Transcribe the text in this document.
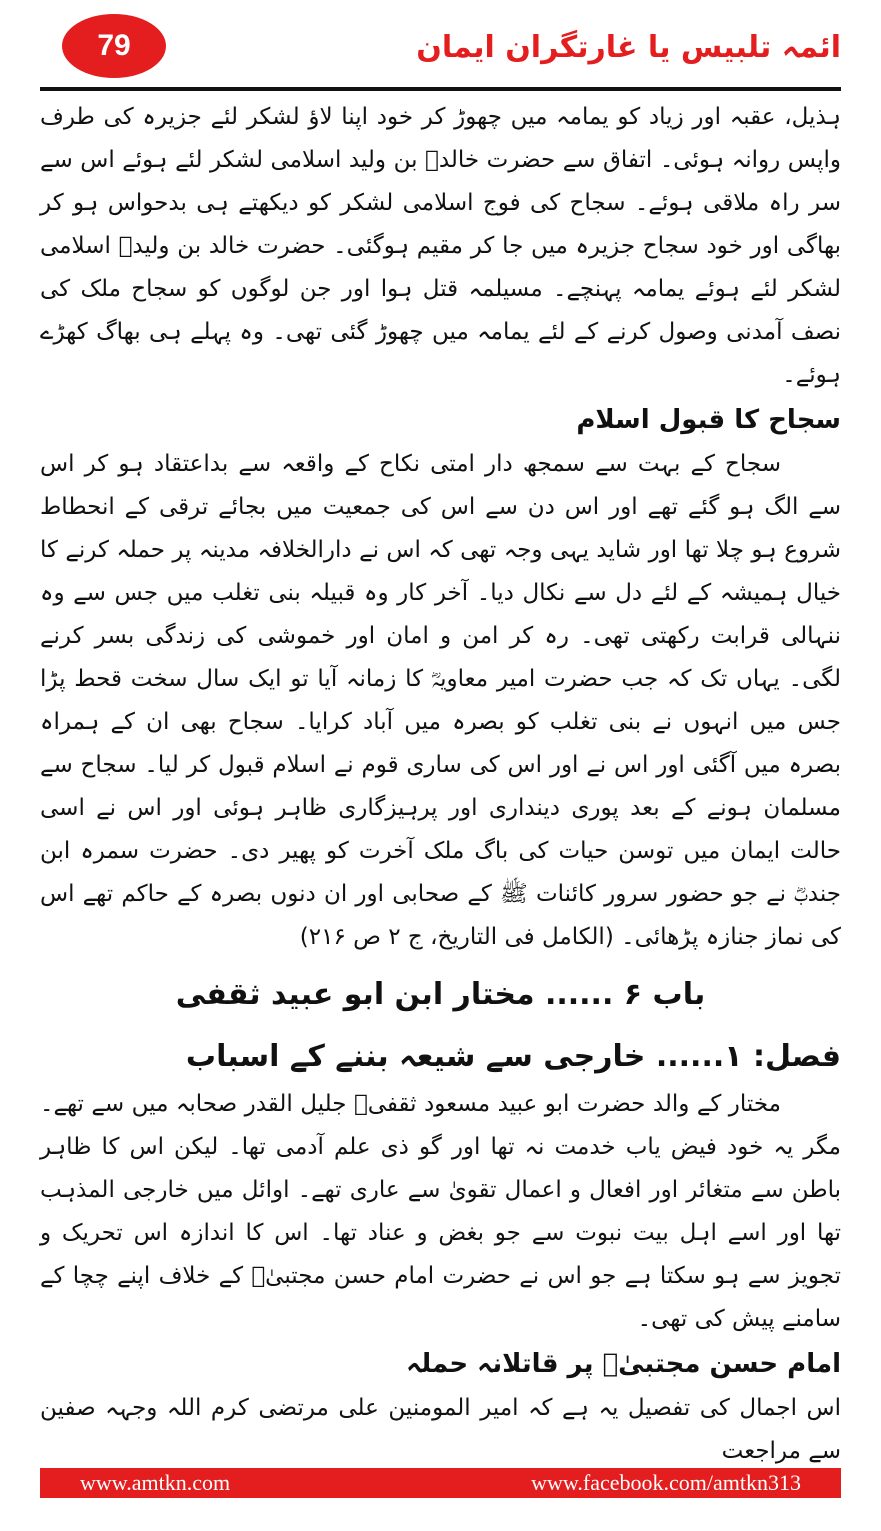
79	ائمہ تلبیس یا غارتگران ایمان

ہذیل، عقبہ اور زیاد کو یمامہ میں چھوڑ کر خود اپنا لاؤ لشکر لئے جزیرہ کی طرف واپس روانہ ہوئی۔ اتفاق سے حضرت خالدؓ بن ولید اسلامی لشکر لئے ہوئے اس سے سر راہ ملاقی ہوئے۔ سجاح کی فوج اسلامی لشکر کو دیکھتے ہی بدحواس ہو کر بھاگی اور خود سجاح جزیرہ میں جا کر مقیم ہوگئی۔ حضرت خالد بن ولیدؓ اسلامی لشکر لئے ہوئے یمامہ پہنچے۔ مسیلمہ قتل ہوا اور جن لوگوں کو سجاح ملک کی نصف آمدنی وصول کرنے کے لئے یمامہ میں چھوڑ گئی تھی۔ وہ پہلے ہی بھاگ کھڑے ہوئے۔

سجاح کا قبول اسلام

سجاح کے بہت سے سمجھ دار امتی نکاح کے واقعہ سے بداعتقاد ہو کر اس سے الگ ہو گئے تھے اور اس دن سے اس کی جمعیت میں بجائے ترقی کے انحطاط شروع ہو چلا تھا اور شاید یہی وجہ تھی کہ اس نے دارالخلافہ مدینہ پر حملہ کرنے کا خیال ہمیشہ کے لئے دل سے نکال دیا۔ آخر کار وہ قبیلہ بنی تغلب میں جس سے وہ ننہالی قرابت رکھتی تھی۔ رہ کر امن و امان اور خموشی کی زندگی بسر کرنے لگی۔ یہاں تک کہ جب حضرت امیر معاویہؓ کا زمانہ آیا تو ایک سال سخت قحط پڑا جس میں انہوں نے بنی تغلب کو بصرہ میں آباد کرایا۔ سجاح بھی ان کے ہمراہ بصرہ میں آگئی اور اس نے اور اس کی ساری قوم نے اسلام قبول کر لیا۔ سجاح سے مسلمان ہونے کے بعد پوری دینداری اور پرہیزگاری ظاہر ہوئی اور اس نے اسی حالت ایمان میں توسن حیات کی باگ ملک آخرت کو پھیر دی۔ حضرت سمرہ ابن جندبؓ نے جو حضور سرور کائنات ﷺ کے صحابی اور ان دنوں بصرہ کے حاکم تھے اس کی نماز جنازہ پڑھائی۔ (الکامل فی التاریخ، ج ۲ ص ۲۱۶)

باب ۶ ...... مختار ابن ابو عبید ثقفی

فصل: ۱...... خارجی سے شیعہ بننے کے اسباب

مختار کے والد حضرت ابو عبید مسعود ثقفیؓ جلیل القدر صحابہ میں سے تھے۔ مگر یہ خود فیض یاب خدمت نہ تھا اور گو ذی علم آدمی تھا۔ لیکن اس کا ظاہر باطن سے متغائر اور افعال و اعمال تقویٰ سے عاری تھے۔ اوائل میں خارجی المذہب تھا اور اسے اہل بیت نبوت سے جو بغض و عناد تھا۔ اس کا اندازہ اس تحریک و تجویز سے ہو سکتا ہے جو اس نے حضرت امام حسن مجتبیٰؓ کے خلاف اپنے چچا کے سامنے پیش کی تھی۔

امام حسن مجتبیٰؓ پر قاتلانہ حملہ

اس اجمال کی تفصیل یہ ہے کہ امیر المومنین علی مرتضی کرم اللہ وجہہ صفین سے مراجعت

www.amtkn.com	www.facebook.com/amtkn313
